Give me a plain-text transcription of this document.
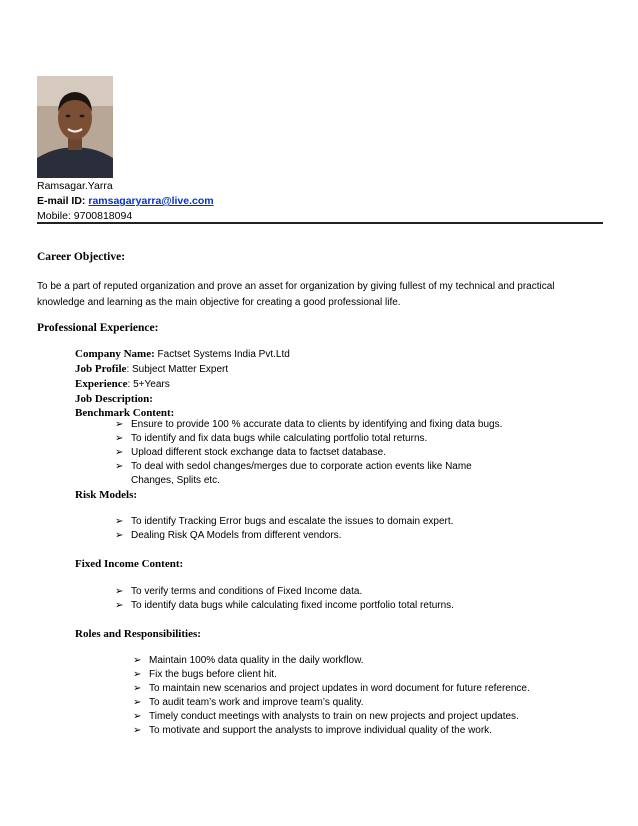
Ramsagar.Yarra
E-mail ID: ramsagaryarra@live.com
Mobile: 9700818094
Career Objective:
To be a part of reputed organization and prove an asset for organization by giving fullest of my technical and practical knowledge and learning as the main objective for creating a good professional life.
Professional Experience:
Company Name: Factset Systems India Pvt.Ltd
Job Profile: Subject Matter Expert
Experience: 5+Years
Job Description:
Benchmark Content:
➢ Ensure to provide 100 % accurate data to clients by identifying and fixing data bugs.
➢ To identify and fix data bugs while calculating portfolio total returns.
➢ Upload different stock exchange data to factset database.
➢ To deal with sedol changes/merges due to corporate action events like Name Changes, Splits etc.
Risk Models:
➢ To identify Tracking Error bugs and escalate the issues to domain expert.
➢ Dealing Risk QA Models from different vendors.
Fixed Income Content:
➢ To verify terms and conditions of Fixed Income data.
➢ To identify data bugs while calculating fixed income portfolio total returns.
Roles and Responsibilities:
➢ Maintain 100% data quality in the daily workflow.
➢ Fix the bugs before client hit.
➢ To maintain new scenarios and project updates in word document for future reference.
➢ To audit team’s work and improve team’s quality.
➢ Timely conduct meetings with analysts to train on new projects and project updates.
➢ To motivate and support the analysts to improve individual quality of the work.
